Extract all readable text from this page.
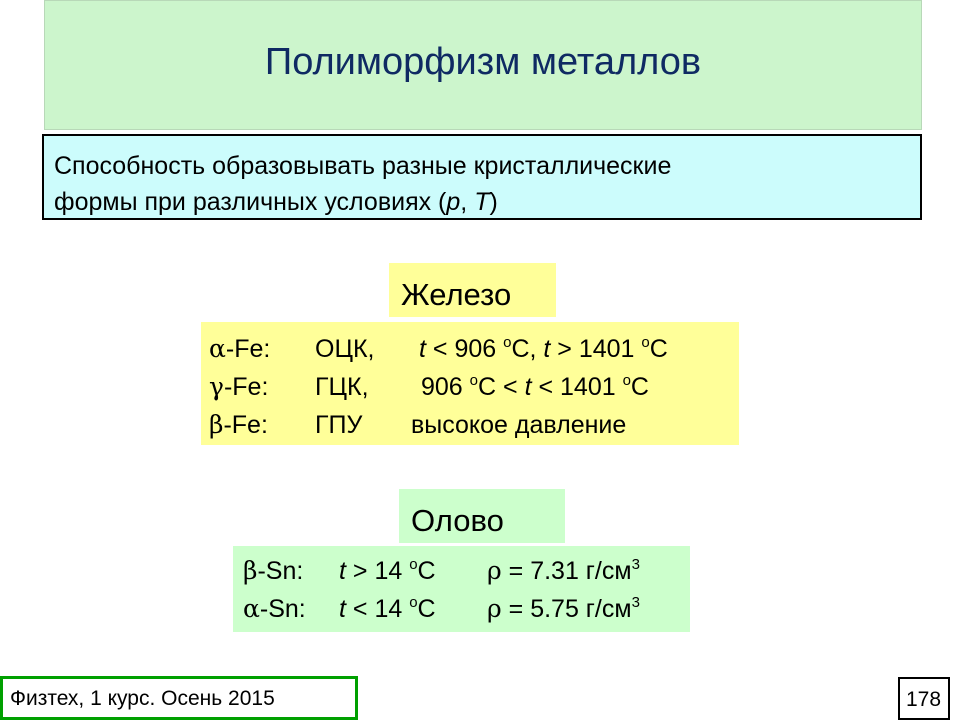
Полиморфизм металлов
Способность образовывать разные кристаллические
формы при различных условиях (p, T)
Железо
α-Fe: ОЦК, t < 906 $^o$C, t > 1401 $^o$C
γ-Fe: ГЦК, 906 $^o$C < t < 1401 $^o$C
β-Fe: ГПУ высокое давление
Олово
β-Sn: t > 14 $^o$C ρ = 7.31 $г/см^3$
α-Sn: t < 14 $^o$C ρ = 5.75 $г/см^3$
Физтех, 1 курс. Осень 2015	178
